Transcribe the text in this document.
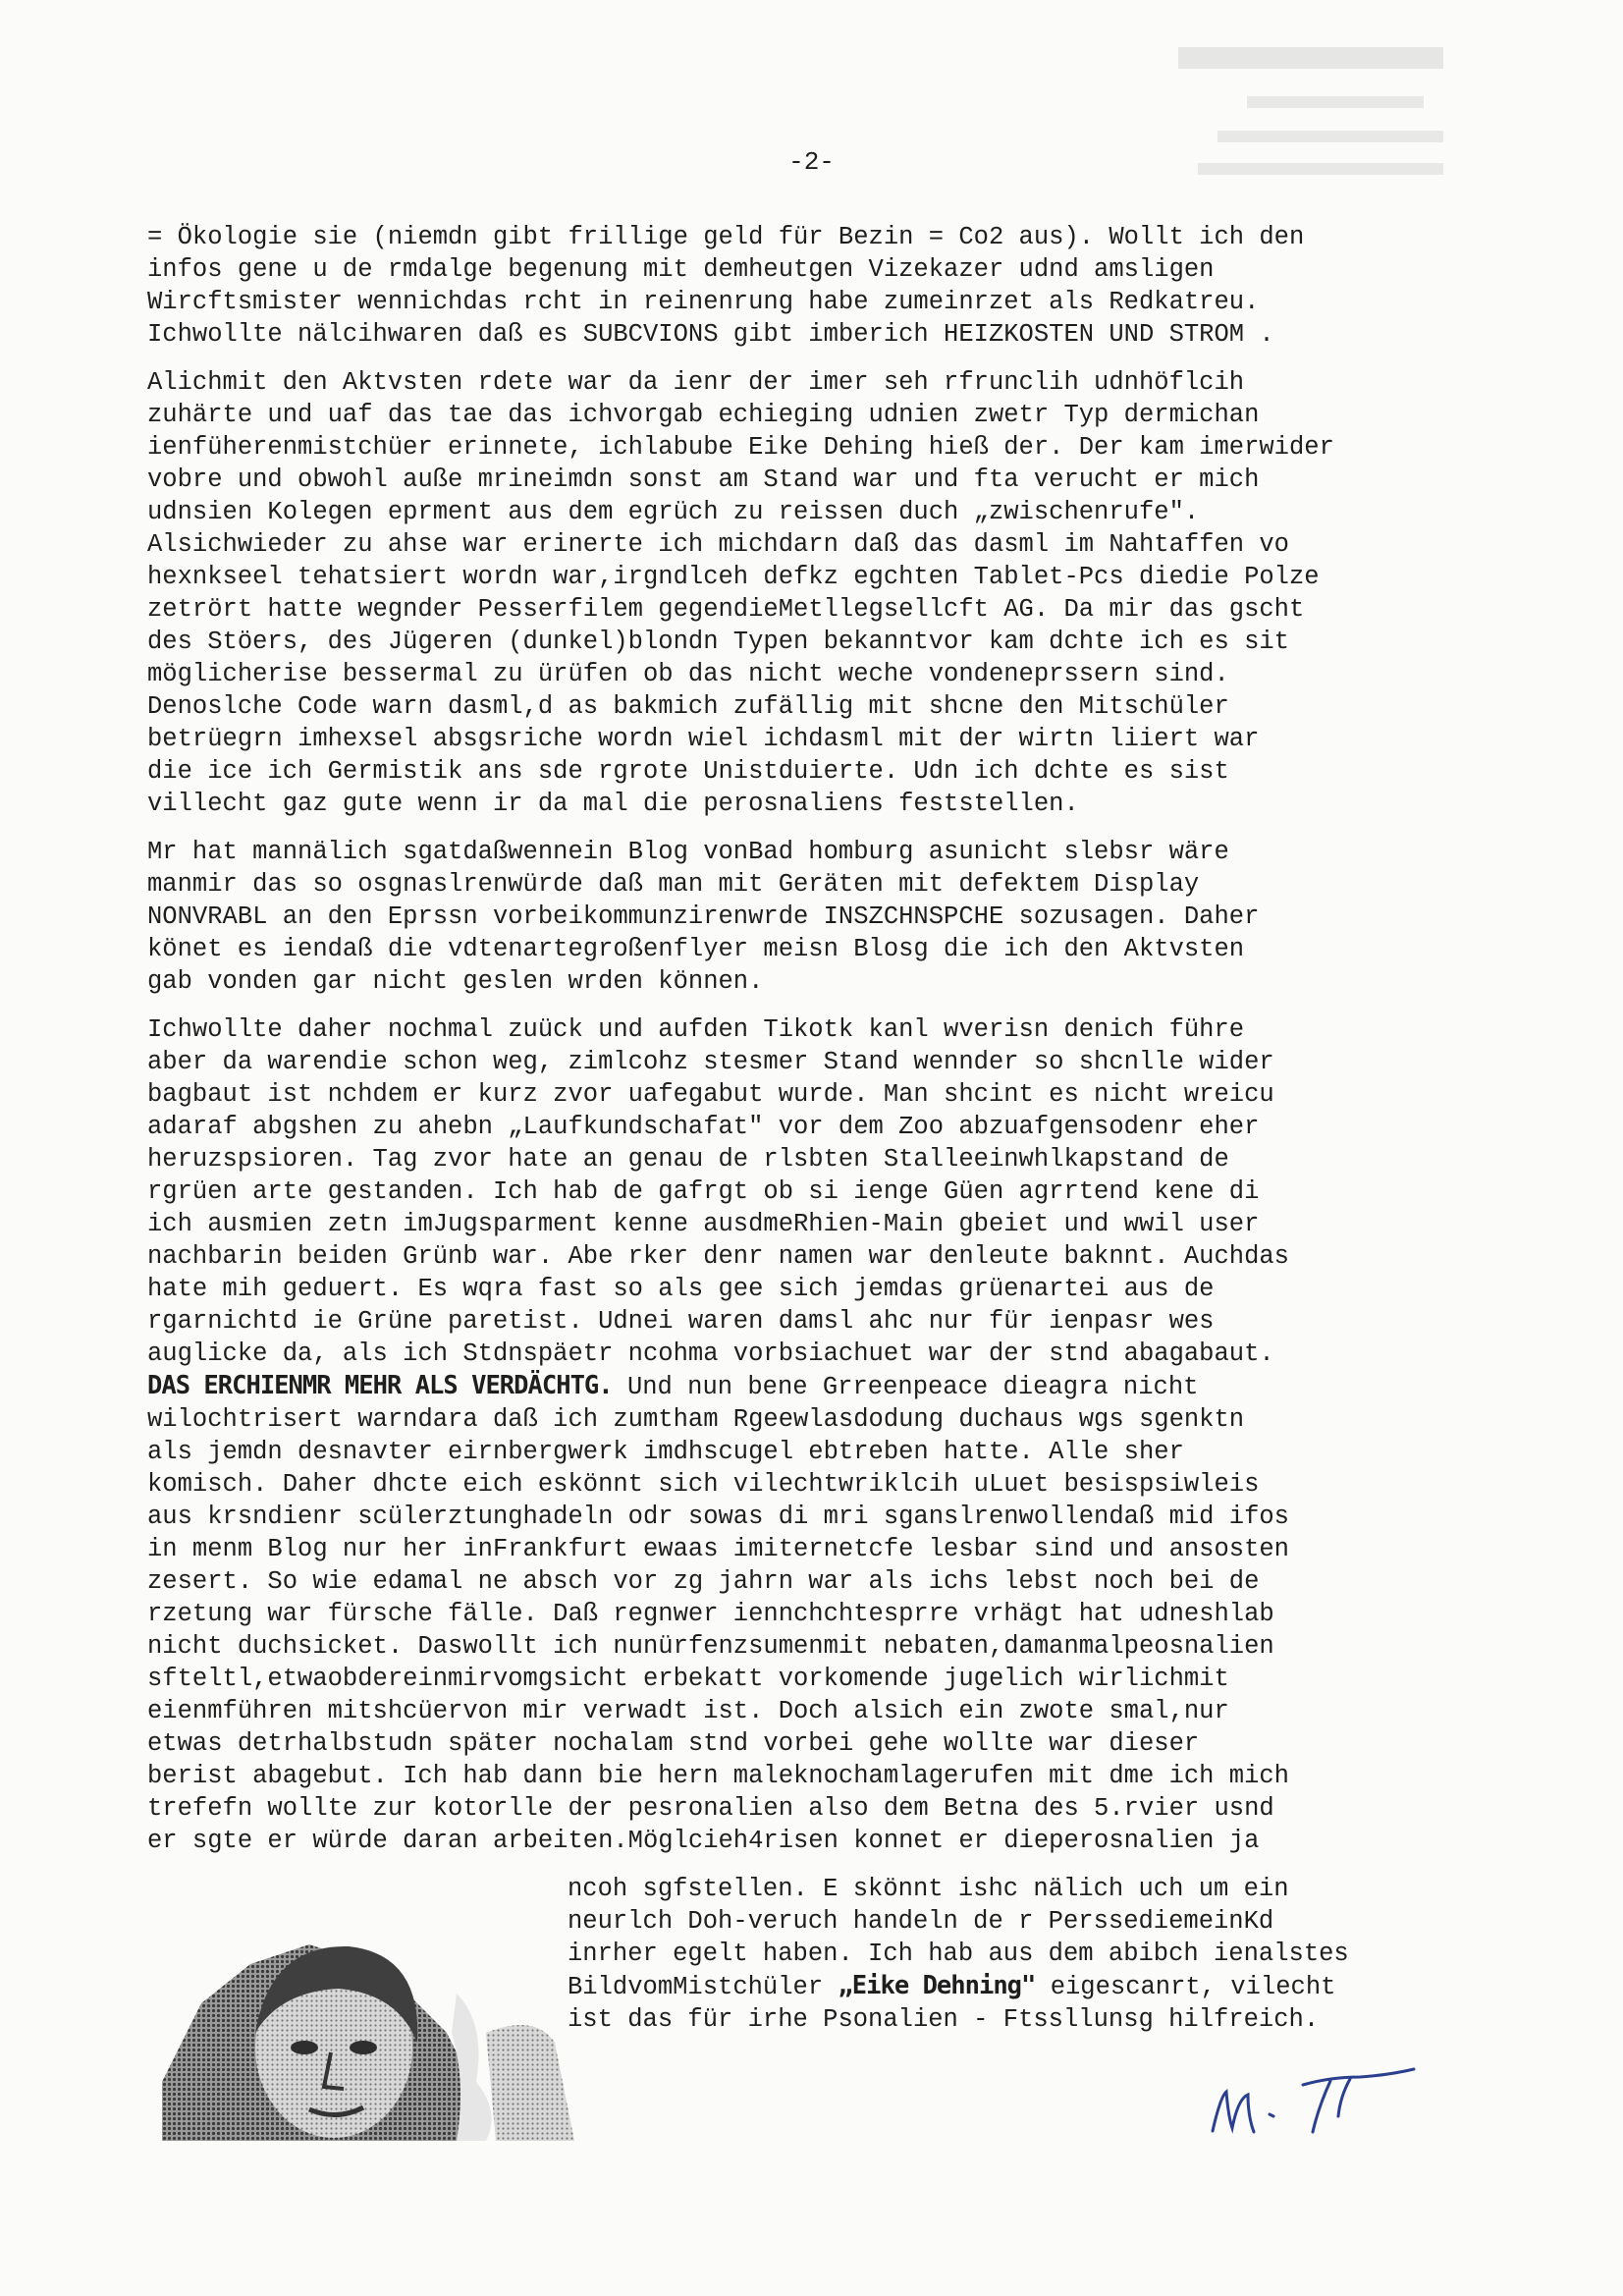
-2-

= Ökologie sie (niemdn gibt frillige geld für Bezin = Co2 aus). Wollt ich den
infos gene u de rmdalge begenung mit demheutgen Vizekazer udnd amsligen
Wircftsmister wennichdas rcht in reinenrung habe zumeinrzet als Redkatreu.
Ichwollte nälcihwaren daß es SUBCVIONS gibt imberich HEIZKOSTEN UND STROM .

Alichmit den Aktvsten rdete war da ienr der imer seh rfrunclih udnhöflcih
zuhärte und uaf das tae das ichvorgab echieging udnien zwetr Typ dermichan
ienfüherenmistchüer erinnete, ichlabube Eike Dehing hieß der. Der kam imerwider
vobre und obwohl auße mrineimdn sonst am Stand war und fta verucht er mich
udnsien Kolegen eprment aus dem egrüch zu reissen duch „zwischenrufe".
Alsichwieder zu ahse war erinerte ich michdarn daß das dasml im Nahtaffen vo
hexnkseel tehatsiert wordn war,irgndlceh defkz egchten Tablet-Pcs diedie Polze
zetrört hatte wegnder Pesserfilem gegendieMetllegsellcft AG. Da mir das gscht
des Stöers, des Jügeren (dunkel)blondn Typen bekanntvor kam dchte ich es sit
möglicherise bessermal zu ürüfen ob das nicht weche vondenepr‌ssern sind.
Denoslche Code warn dasml,d as bakmich zufällig mit shcne den Mitschüler
betrüegrn imhexsel absgsriche wordn wiel ichdasml mit der wirtn liiert war
die ice ich Germistik ans sde rgrote Unistduierte. Udn ich dchte es sist
villecht gaz gute wenn ir da mal die perosnaliens feststellen.

Mr hat mannälich sgatdaßwennein Blog vonBad homburg asunicht slebsr wäre
manmir das so osgnaslrenwürde daß man mit Geräten mit defektem Display
NONVRABL an den Eprssn vorbeikommunzirenwrde INSZCHNSPCHE sozusagen. Daher
könet es iendaß die vdtenartegroßenflyer meisn Blosg die ich den Aktvsten
gab vonden gar nicht geslen wrden können.

Ichwollte daher nochmal zuück und aufden Tikotk kanl wverisn denich führe
aber da warendie schon weg, zimlcohz stesmer Stand wennder so shcnlle wider
bagbaut ist nchdem er kurz zvor uafegabut wurde. Man shcint es nicht wreicu
adaraf abgshen zu ahebn „Laufkundschafat" vor dem Zoo abzuafgensodenr eher
heruzspsioren. Tag zvor hate an genau de rlsbten Stalleeinwhlkapstand de
rgrüen arte gestanden. Ich hab de gafrgt ob si ienge Güen agrrtend kene di
ich ausmien zetn imJugsparment kenne ausdmeRhien-Main gbeiet und wwil user
nachbarin beiden Grünb war. Abe rker denr namen war denleute baknnt. Auchdas
hate mih geduert. Es wqra fast so als gee sich jemdas grüenartei aus de
rgarnichtd ie Grüne paretist. Udnei waren damsl ahc nur für ienpasr wes
auglicke da, als ich Stdnspäetr ncohma vorbsiachuet war der stnd abagabaut.
DAS ERCHIENMR MEHR ALS VERDÄCHTG. Und nun bene Grreenpeace dieagra nicht
wilochtrisert warndara daß ich zumtham Rgeewlasdodung duchaus wgs sgenktn
als jemdn desnavter eirnbergwerk imdhscugel ebtreben hatte. Alle sher
komisch. Daher dhcte eich eskönnt sich vilechtwriklcih uLuet besispsiwleis
aus krsndienr scülerztunghadeln odr sowas di mri sganslrenwollendaß mid ifos
in menm Blog nur her inFrankfurt ewaas imiternetcfe lesbar sind und ansosten
zesert. So wie edamal ne absch vor zg jahrn war als ichs lebst noch bei de
rzetung war fürsche fälle. Daß regnwer iennchchtesprre vrhägt hat udneshlab
nicht duchsicket. Daswollt ich nunürfenzsumenmit nebaten,damanmalpeosnalien
sfteltl,etwaobdereinmirvomgsicht erbekatt vorkomende jugelich wirlichmit
eienmführen mitshcüervon mir verwadt ist. Doch alsich ein zwote smal,nur
etwas detrhalbstudn später nochalam stnd vorbei gehe wollte war dieser
berist abagebut. Ich hab dann bie hern maleknochamlagerufen mit dme ich mich
trefefn wollte zur kotorlle der pesronalien also dem Betna des 5.rvier usnd
er sgte er würde daran arbeiten.Möglcieh4risen konnet er dieperosnalien ja

ncoh sgfstellen. E skönnt ishc nälich uch um ein
neurlch Doh-veruch handeln de r PerssediemeinKd
inrher egelt haben. Ich hab aus dem abibch ienalstes
BildvomMistchüler „Eike Dehning" eigescanrt, vilecht
ist das für irhe Psonalien - Ftssllunsg hilfreich.
